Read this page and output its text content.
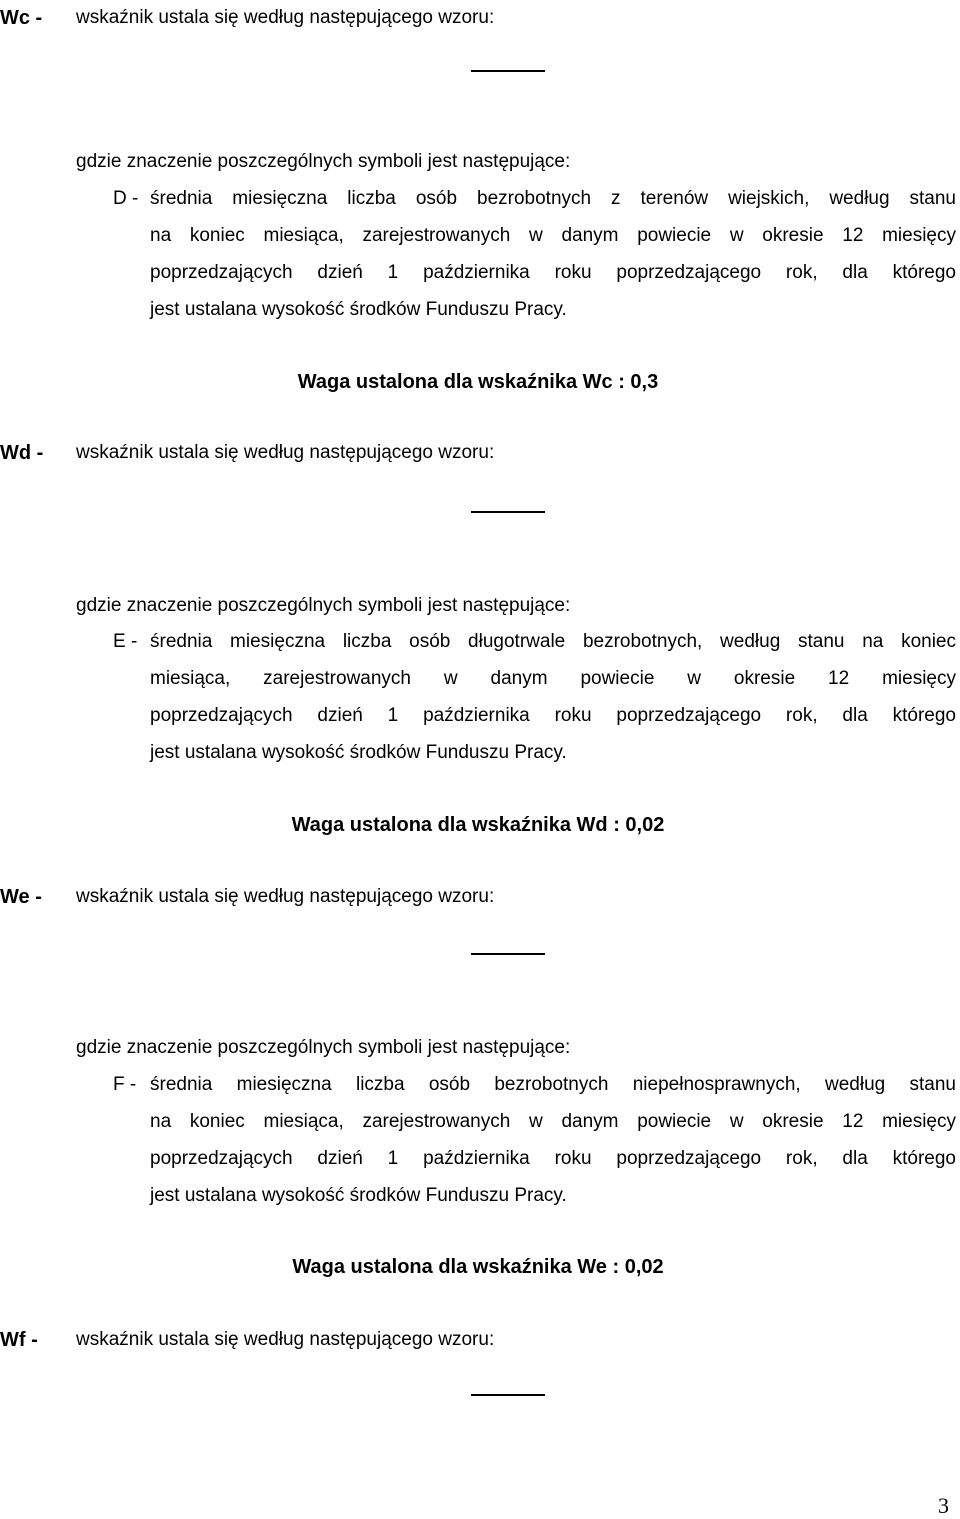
Wc - wskaźnik ustala się według następującego wzoru:
gdzie znaczenie poszczególnych symboli jest następujące:
D - średnia miesięczna liczba osób bezrobotnych z terenów wiejskich, według stanu
na koniec miesiąca, zarejestrowanych w danym powiecie w okresie 12 miesięcy
poprzedzających dzień 1 października roku poprzedzającego rok, dla którego
jest ustalana wysokość środków Funduszu Pracy.
Waga ustalona dla wskaźnika Wc : 0,3
Wd - wskaźnik ustala się według następującego wzoru:
gdzie znaczenie poszczególnych symboli jest następujące:
E - średnia miesięczna liczba osób długotrwale bezrobotnych, według stanu na koniec
miesiąca, zarejestrowanych w danym powiecie w okresie 12 miesięcy
poprzedzających dzień 1 października roku poprzedzającego rok, dla którego
jest ustalana wysokość środków Funduszu Pracy.
Waga ustalona dla wskaźnika Wd : 0,02
We - wskaźnik ustala się według następującego wzoru:
gdzie znaczenie poszczególnych symboli jest następujące:
F - średnia miesięczna liczba osób bezrobotnych niepełnosprawnych, według stanu
na koniec miesiąca, zarejestrowanych w danym powiecie w okresie 12 miesięcy
poprzedzających dzień 1 października roku poprzedzającego rok, dla którego
jest ustalana wysokość środków Funduszu Pracy.
Waga ustalona dla wskaźnika We : 0,02
Wf - wskaźnik ustala się według następującego wzoru:
3
